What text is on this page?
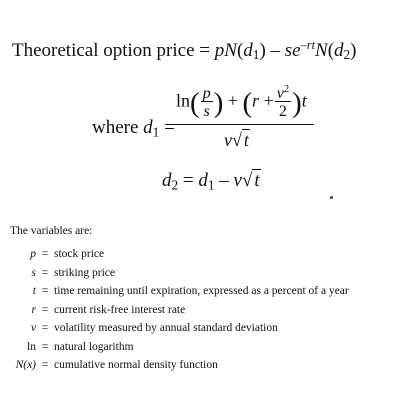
Theoretical option price = $pN(d_1) - se^{-rt}N(d_2)$
where $d_1$ =
$\ln( \frac{p}{s}$ ) + $(r + \frac{v^2}{2} )t$
v√ t
$d_2 = d_1 - v√$ t
The variables are:
p = stock price
s = striking price
t = time remaining until expiration, expressed as a percent of a year
r = current risk-free interest rate
v = volatility measured by annual standard deviation
ln = natural logarithm
N(x) = cumulative normal density function
